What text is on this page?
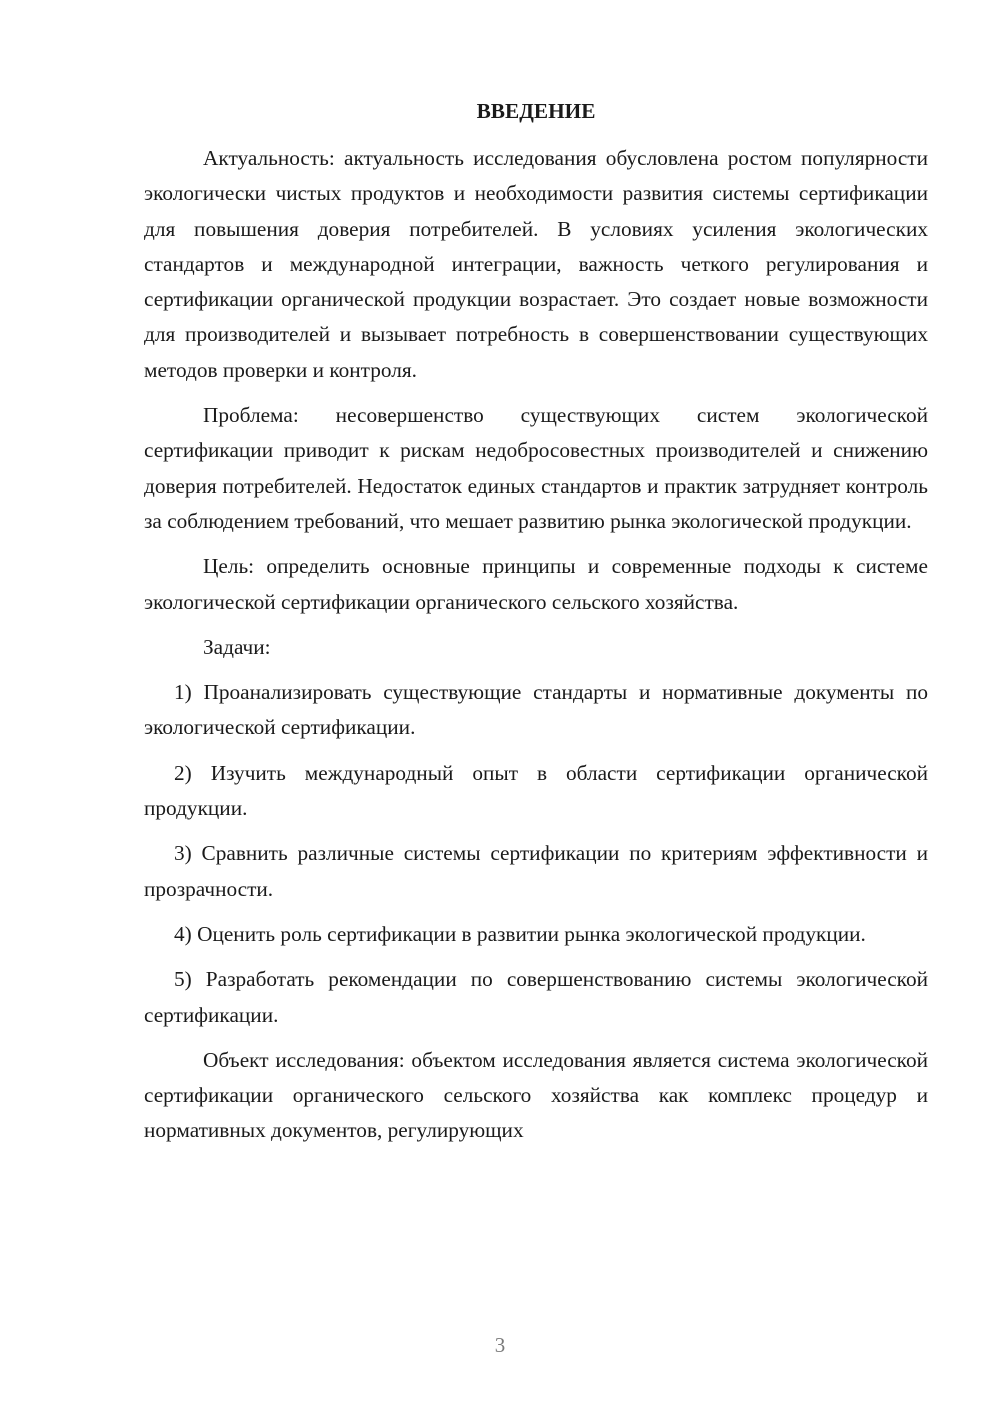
ВВЕДЕНИЕ

Актуальность: актуальность исследования обусловлена ростом популярности экологически чистых продуктов и необходимости развития системы сертификации для повышения доверия потребителей. В условиях усиления экологических стандартов и международной интеграции, важность четкого регулирования и сертификации органической продукции возрастает. Это создает новые возможности для производителей и вызывает потребность в совершенствовании существующих методов проверки и контроля.

Проблема: несовершенство существующих систем экологической сертификации приводит к рискам недобросовестных производителей и снижению доверия потребителей. Недостаток единых стандартов и практик затрудняет контроль за соблюдением требований, что мешает развитию рынка экологической продукции.

Цель: определить основные принципы и современные подходы к системе экологической сертификации органического сельского хозяйства.

Задачи:

1) Проанализировать существующие стандарты и нормативные документы по экологической сертификации.

2) Изучить международный опыт в области сертификации органической продукции.

3) Сравнить различные системы сертификации по критериям эффективности и прозрачности.

4) Оценить роль сертификации в развитии рынка экологической продукции.

5) Разработать рекомендации по совершенствованию системы экологической сертификации.

Объект исследования: объектом исследования является система экологической сертификации органического сельского хозяйства как комплекс процедур и нормативных документов, регулирующих

3
